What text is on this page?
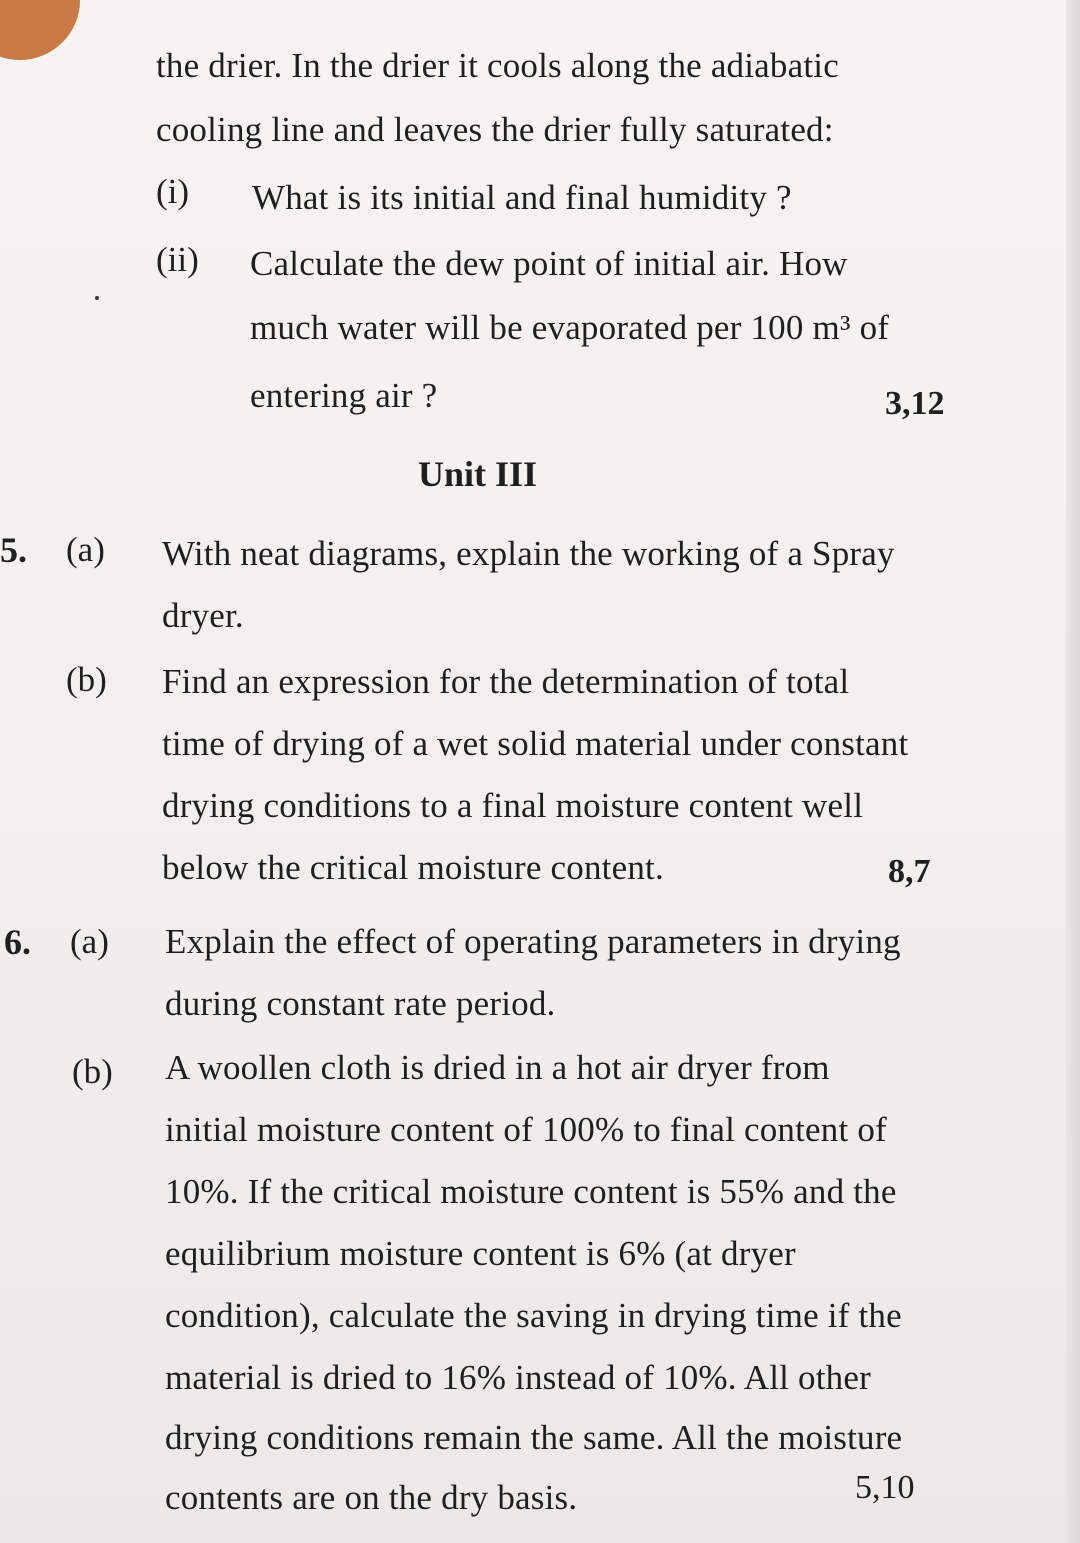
the drier. In the drier it cools along the adiabatic
cooling line and leaves the drier fully saturated:
(i) What is its initial and final humidity ?
(ii) Calculate the dew point of initial air. How
much water will be evaporated per 100 m³ of
entering air ?	3,12
Unit III
5. (a) With neat diagrams, explain the working of a Spray
dryer.
(b) Find an expression for the determination of total
time of drying of a wet solid material under constant
drying conditions to a final moisture content well
below the critical moisture content.	8,7
6. (a) Explain the effect of operating parameters in drying
during constant rate period.
(b) A woollen cloth is dried in a hot air dryer from
initial moisture content of 100% to final content of
10%. If the critical moisture content is 55% and the
equilibrium moisture content is 6% (at dryer
condition), calculate the saving in drying time if the
material is dried to 16% instead of 10%. All other
drying conditions remain the same. All the moisture
contents are on the dry basis.	5,10
